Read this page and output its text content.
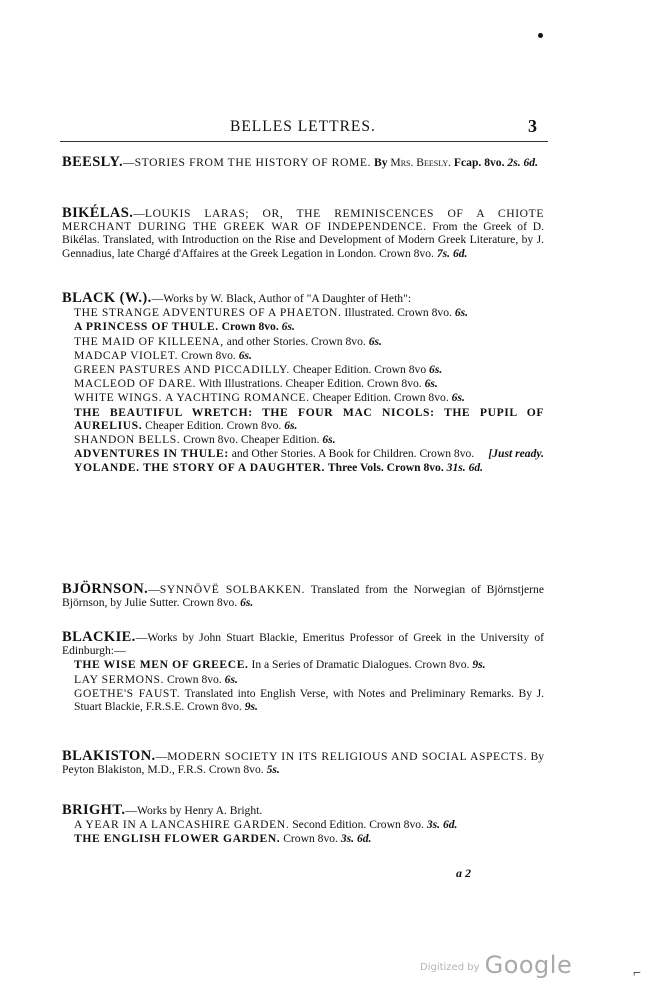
BELLES LETTRES.	3
BEESLY.—STORIES FROM THE HISTORY OF ROME. By Mrs. Beesly. Fcap. 8vo. 2s. 6d.
BIKÉLAS.—LOUKIS LARAS; OR, THE REMINISCENCES OF A CHIOTE MERCHANT DURING THE GREEK WAR OF INDEPENDENCE. From the Greek of D. Bikélas. Translated, with Introduction on the Rise and Development of Modern Greek Literature, by J. Gennadius, late Chargé d'Affaires at the Greek Legation in London. Crown 8vo. 7s. 6d.
BLACK (W.).—Works by W. Black, Author of "A Daughter of Heth":
THE STRANGE ADVENTURES OF A PHAETON. Illustrated. Crown 8vo. 6s.
A PRINCESS OF THULE. Crown 8vo. 6s.
THE MAID OF KILLEENA, and other Stories. Crown 8vo. 6s.
MADCAP VIOLET. Crown 8vo. 6s.
GREEN PASTURES AND PICCADILLY. Cheaper Edition. Crown 8vo 6s.
MACLEOD OF DARE. With Illustrations. Cheaper Edition. Crown 8vo. 6s.
WHITE WINGS. A YACHTING ROMANCE. Cheaper Edition. Crown 8vo. 6s.
THE BEAUTIFUL WRETCH: THE FOUR MAC NICOLS: THE PUPIL OF AURELIUS. Cheaper Edition. Crown 8vo. 6s.
SHANDON BELLS. Crown 8vo. Cheaper Edition. 6s.
ADVENTURES IN THULE: and Other Stories. A Book for Children. Crown 8vo. [Just ready.
YOLANDE. THE STORY OF A DAUGHTER. Three Vols. Crown 8vo. 31s. 6d.
BJÖRNSON.—SYNNÖVË SOLBAKKEN. Translated from the Norwegian of Björnstjerne Björnson, by Julie Sutter. Crown 8vo. 6s.
BLACKIE.—Works by John Stuart Blackie, Emeritus Professor of Greek in the University of Edinburgh:—
THE WISE MEN OF GREECE. In a Series of Dramatic Dialogues. Crown 8vo. 9s.
LAY SERMONS. Crown 8vo. 6s.
GOETHE'S FAUST. Translated into English Verse, with Notes and Preliminary Remarks. By J. Stuart Blackie, F.R.S.E. Crown 8vo. 9s.
BLAKISTON.—MODERN SOCIETY IN ITS RELIGIOUS AND SOCIAL ASPECTS. By Peyton Blakiston, M.D., F.R.S. Crown 8vo. 5s.
BRIGHT.—Works by Henry A. Bright.
A YEAR IN A LANCASHIRE GARDEN. Second Edition. Crown 8vo. 3s. 6d.
THE ENGLISH FLOWER GARDEN. Crown 8vo. 3s. 6d.
a 2
Digitized by Google	⌐
